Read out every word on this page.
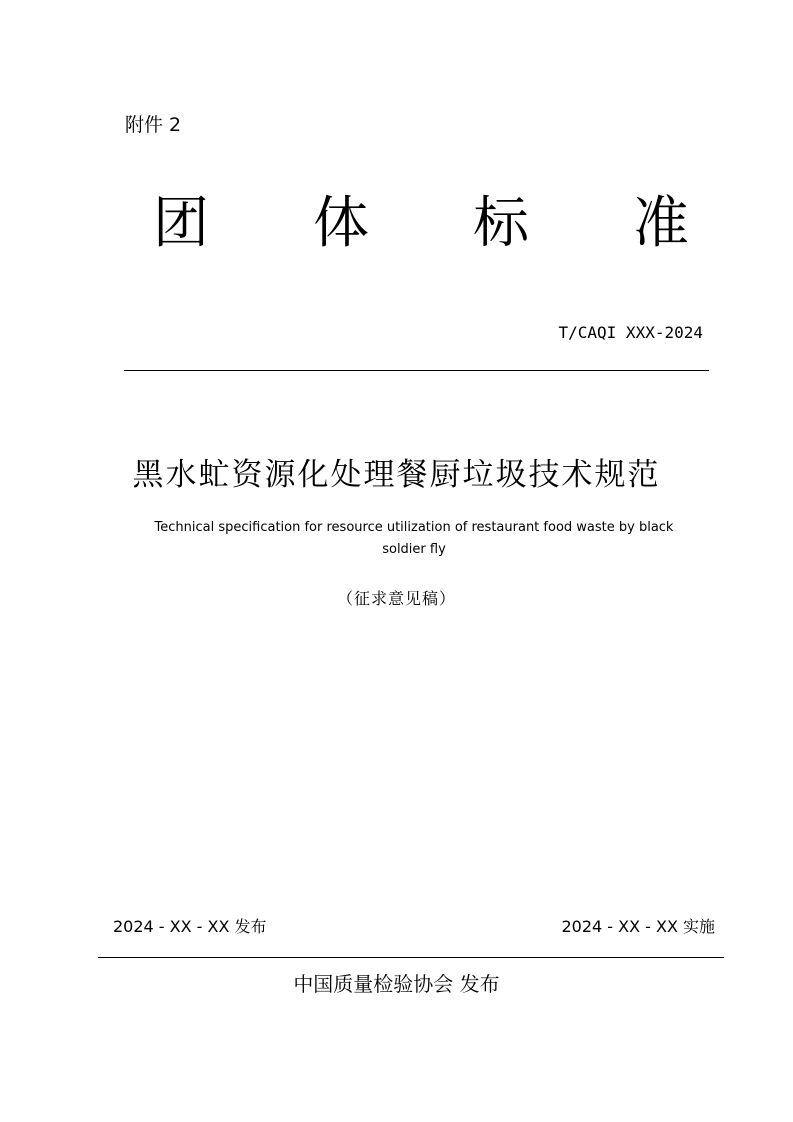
附件 2
团 体 标 准
T/CAQI XXX-2024
黑水虻资源化处理餐厨垃圾技术规范
Technical specification for resource utilization of restaurant food waste by black soldier fly
（征求意见稿）
2024 - XX - XX 发布	2024 - XX - XX 实施
中国质量检验协会 发布
